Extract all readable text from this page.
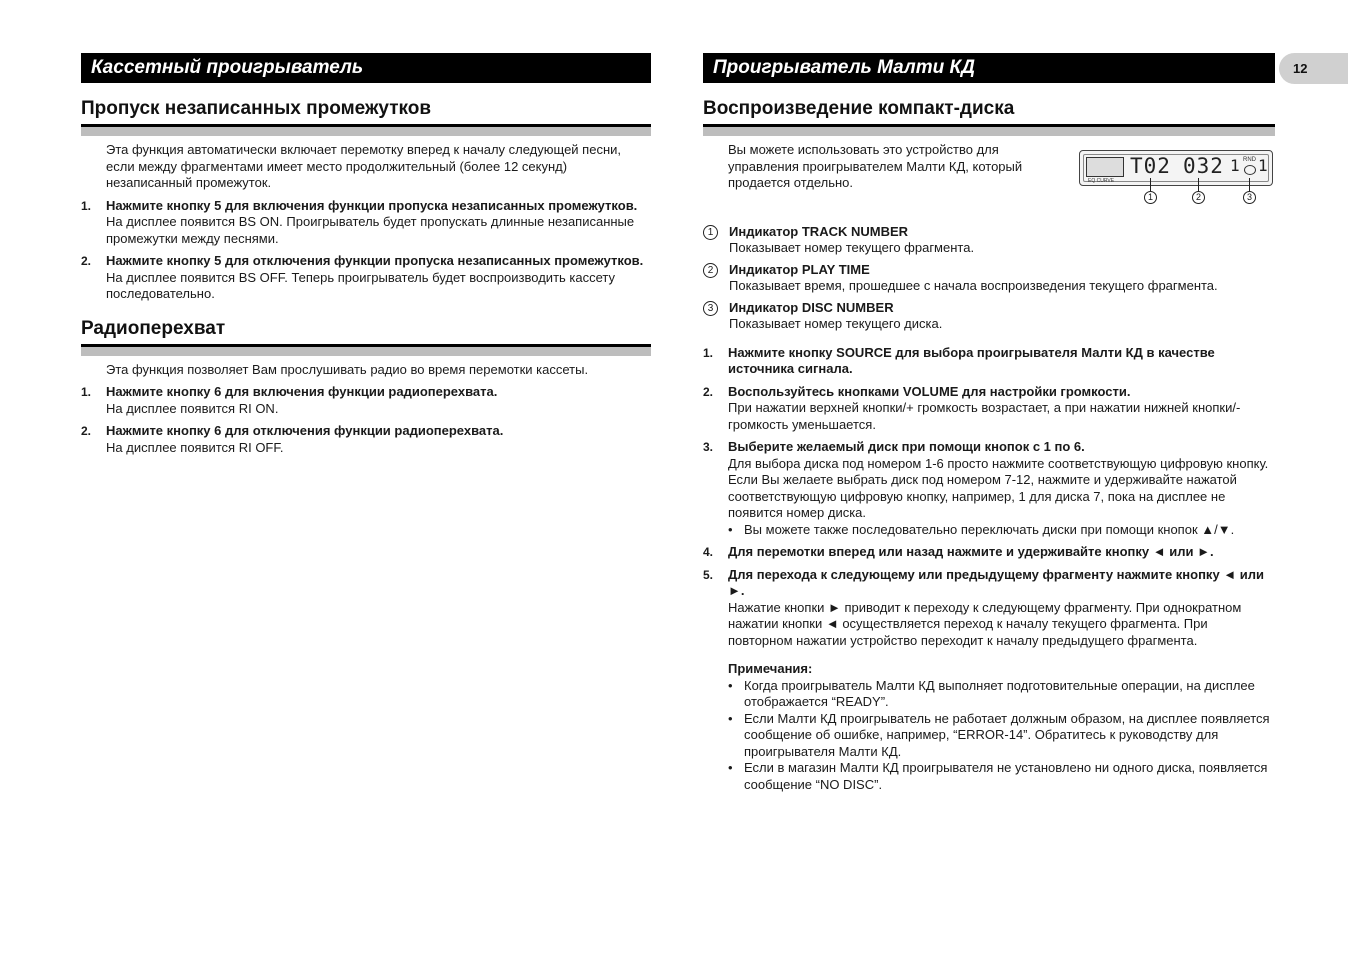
Кассетный проигрыватель
Пропуск незаписанных промежутков
Эта функция автоматически включает перемотку вперед к началу следующей песни, если между фрагментами имеет место продолжительный (более 12 секунд) незаписанный промежуток.
1. Нажмите кнопку 5 для включения функции пропуска незаписанных промежутков.
На дисплее появится BS ON. Проигрыватель будет пропускать длинные незаписанные промежутки между песнями.
2. Нажмите кнопку 5 для отключения функции пропуска незаписанных промежутков.
На дисплее появится BS OFF. Теперь проигрыватель будет воспроизводить кассету последовательно.
Радиоперехват
Эта функция позволяет Вам прослушивать радио во время перемотки кассеты.
1. Нажмите кнопку 6 для включения функции радиоперехвата.
На дисплее появится RI ON.
2. Нажмите кнопку 6 для отключения функции радиоперехвата.
На дисплее появится RI OFF.
Проигрыватель Малти КД
Воспроизведение компакт-диска
Вы можете использовать это устройство для управления проигрывателем Малти КД, который продается отдельно.	EQ CURVE
T02 032 1 RND 1
1	2	3
1	Индикатор TRACK NUMBER
Показывает номер текущего фрагмента.
2	Индикатор PLAY TIME
Показывает время, прошедшее с начала воспроизведения текущего фрагмента.
3	Индикатор DISC NUMBER
Показывает номер текущего диска.
1. Нажмите кнопку SOURCE для выбора проигрывателя Малти КД в качестве источника сигнала.
2. Воспользуйтесь кнопками VOLUME для настройки громкости.
При нажатии верхней кнопки/+ громкость возрастает, а при нажатии нижней кнопки/- громкость уменьшается.
3. Выберите желаемый диск при помощи кнопок с 1 по 6.
Для выбора диска под номером 1-6 просто нажмите соответствующую цифровую кнопку.
Если Вы желаете выбрать диск под номером 7-12, нажмите и удерживайте нажатой соответствующую цифровую кнопку, например, 1 для диска 7, пока на дисплее не появится номер диска.
• Вы можете также последовательно переключать диски при помощи кнопок ▲/▼.
4. Для перемотки вперед или назад нажмите и удерживайте кнопку ◄ или ►.
5. Для перехода к следующему или предыдущему фрагменту нажмите кнопку ◄ или ►.
Нажатие кнопки ► приводит к переходу к следующему фрагменту. При однократном нажатии кнопки ◄ осуществляется переход к началу текущего фрагмента. При повторном нажатии устройство переходит к началу предыдущего фрагмента.
Примечания:
• Когда проигрыватель Малти КД выполняет подготовительные операции, на дисплее отображается “READY”.
• Если Малти КД проигрыватель не работает должным образом, на дисплее появляется сообщение об ошибке, например, “ERROR-14”. Обратитесь к руководству для проигрывателя Малти КД.
• Если в магазин Малти КД проигрывателя не установлено ни одного диска, появляется сообщение “NO DISC”.
12
